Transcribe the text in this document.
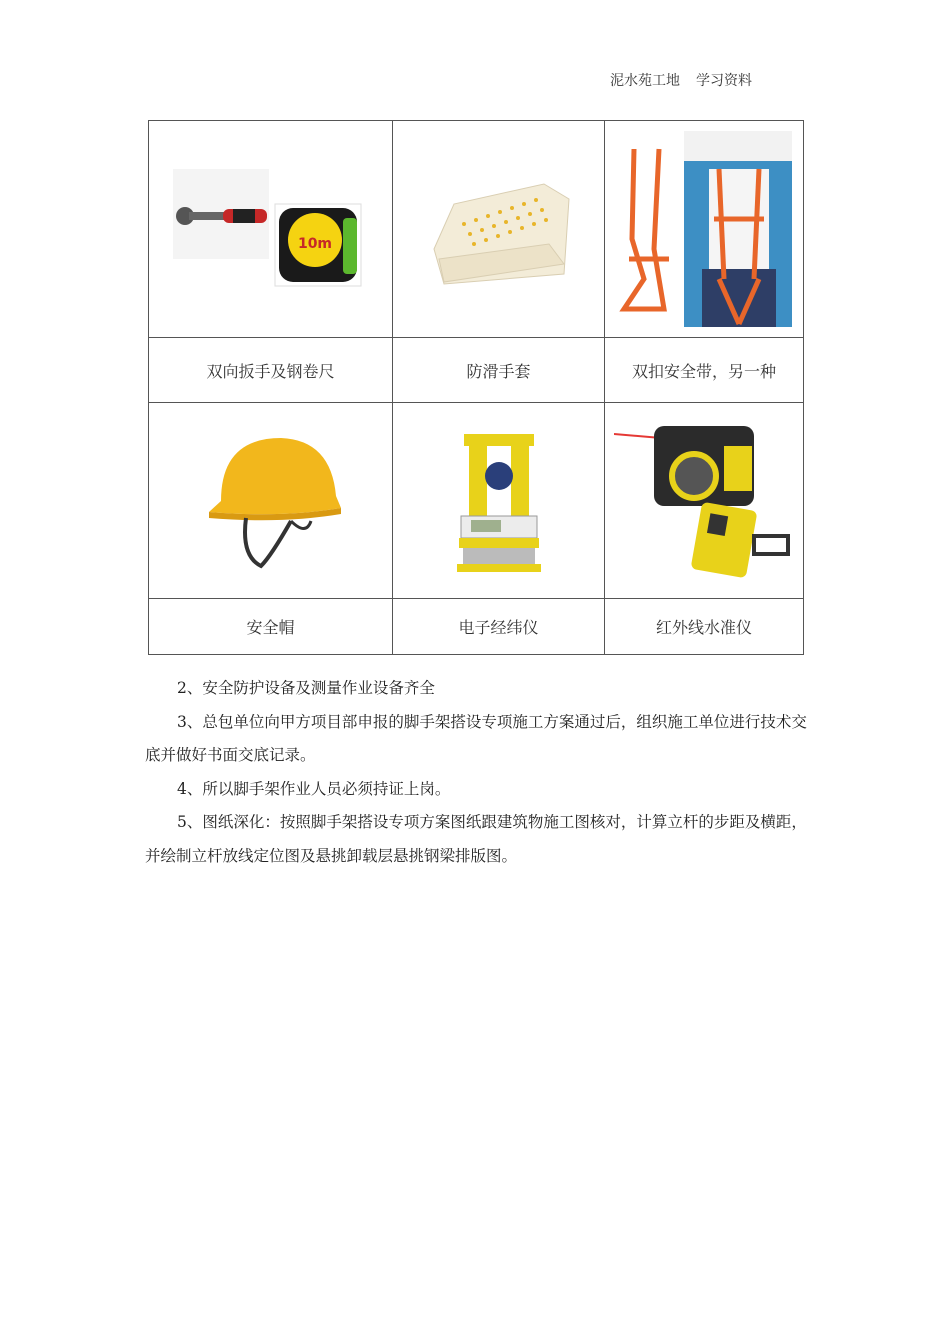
泥水苑工地 学习资料
10m

双向扳手及钢卷尺	防滑手套	双扣安全带，另一种

安全帽	电子经纬仪	红外线水准仪

2、安全防护设备及测量作业设备齐全

3、总包单位向甲方项目部申报的脚手架搭设专项施工方案通过后，组织施工单位进行技术交底并做好书面交底记录。

4、所以脚手架作业人员必须持证上岗。

5、图纸深化：按照脚手架搭设专项方案图纸跟建筑物施工图核对，计算立杆的步距及横距，并绘制立杆放线定位图及悬挑卸载层悬挑钢梁排版图。
